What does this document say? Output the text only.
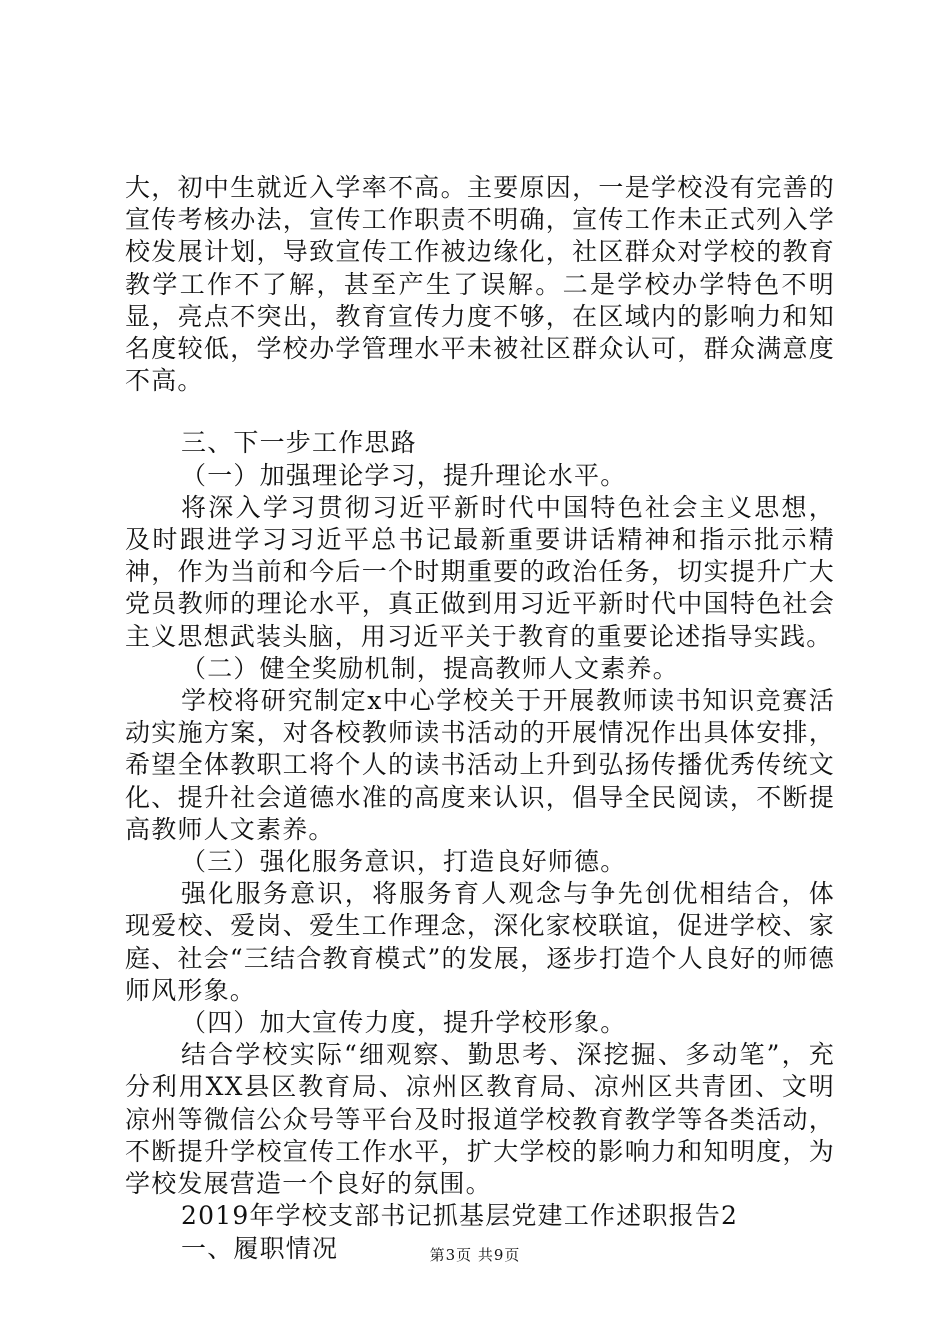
大，初中生就近入学率不高。主要原因，一是学校没有完善的宣传考核办法，宣传工作职责不明确，宣传工作未正式列入学校发展计划，导致宣传工作被边缘化，社区群众对学校的教育教学工作不了解，甚至产生了误解。二是学校办学特色不明显，亮点不突出，教育宣传力度不够，在区域内的影响力和知名度较低，学校办学管理水平未被社区群众认可，群众满意度不高。

三、下一步工作思路

（一）加强理论学习，提升理论水平。

将深入学习贯彻习近平新时代中国特色社会主义思想，及时跟进学习习近平总书记最新重要讲话精神和指示批示精神，作为当前和今后一个时期重要的政治任务，切实提升广大党员教师的理论水平，真正做到用习近平新时代中国特色社会主义思想武装头脑，用习近平关于教育的重要论述指导实践。

（二）健全奖励机制，提高教师人文素养。

学校将研究制定x中心学校关于开展教师读书知识竞赛活动实施方案，对各校教师读书活动的开展情况作出具体安排，希望全体教职工将个人的读书活动上升到弘扬传播优秀传统文化、提升社会道德水准的高度来认识，倡导全民阅读，不断提高教师人文素养。

（三）强化服务意识，打造良好师德。

强化服务意识，将服务育人观念与争先创优相结合，体现爱校、爱岗、爱生工作理念，深化家校联谊，促进学校、家庭、社会“三结合教育模式”的发展，逐步打造个人良好的师德师风形象。

（四）加大宣传力度，提升学校形象。

结合学校实际“细观察、勤思考、深挖掘、多动笔”，充分利用XX县区教育局、凉州区教育局、凉州区共青团、文明凉州等微信公众号等平台及时报道学校教育教学等各类活动，不断提升学校宣传工作水平，扩大学校的影响力和知明度，为学校发展营造一个良好的氛围。

2019年学校支部书记抓基层党建工作述职报告2

一、履职情况	第3页 共9页
